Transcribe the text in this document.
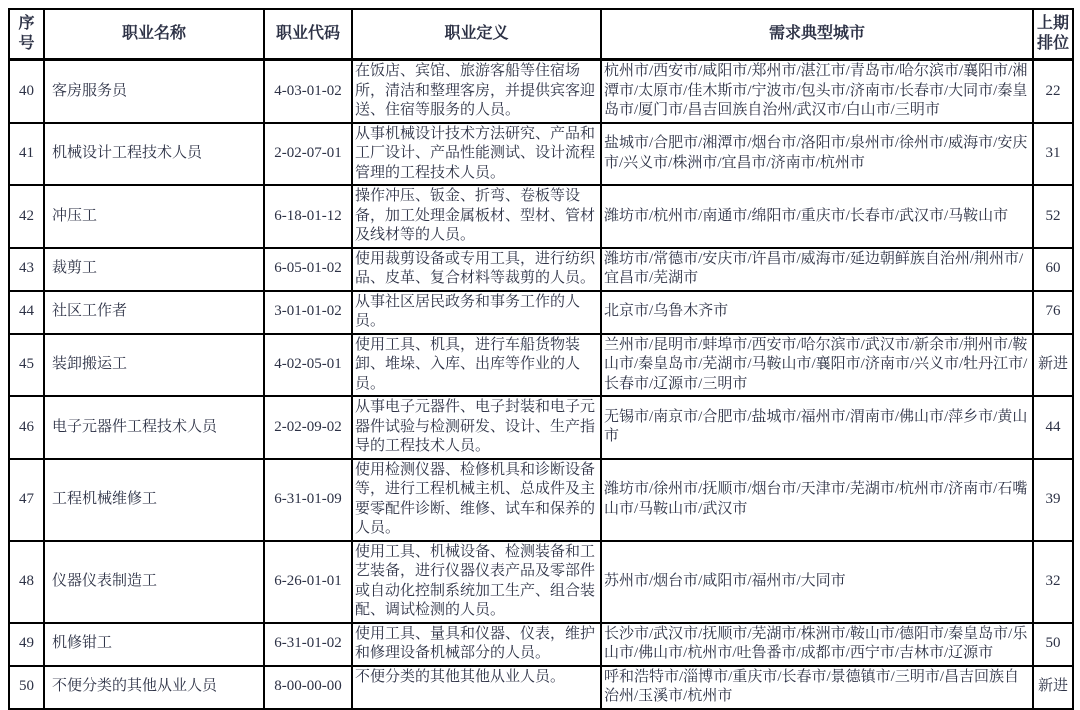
序号	职业名称	职业代码	职业定义	需求典型城市	上期排位
40	客房服务员	4-03-01-02	在饭店、宾馆、旅游客船等住宿场所，清洁和整理客房，并提供宾客迎送、住宿等服务的人员。	杭州市/西安市/咸阳市/郑州市/湛江市/青岛市/哈尔滨市/襄阳市/湘潭市/太原市/佳木斯市/宁波市/包头市/济南市/长春市/大同市/秦皇岛市/厦门市/昌吉回族自治州/武汉市/白山市/三明市	22
41	机械设计工程技术人员	2-02-07-01	从事机械设计技术方法研究、产品和工厂设计、产品性能测试、设计流程管理的工程技术人员。	盐城市/合肥市/湘潭市/烟台市/洛阳市/泉州市/徐州市/威海市/安庆市/兴义市/株洲市/宜昌市/济南市/杭州市	31
42	冲压工	6-18-01-12	操作冲压、钣金、折弯、卷板等设备，加工处理金属板材、型材、管材及线材等的人员。	潍坊市/杭州市/南通市/绵阳市/重庆市/长春市/武汉市/马鞍山市	52
43	裁剪工	6-05-01-02	使用裁剪设备或专用工具，进行纺织品、皮革、复合材料等裁剪的人员。	潍坊市/常德市/安庆市/许昌市/威海市/延边朝鲜族自治州/荆州市/宜昌市/芜湖市	60
44	社区工作者	3-01-01-02	从事社区居民政务和事务工作的人员。	北京市/乌鲁木齐市	76
45	装卸搬运工	4-02-05-01	使用工具、机具，进行车船货物装卸、堆垛、入库、出库等作业的人员。	兰州市/昆明市/蚌埠市/西安市/哈尔滨市/武汉市/新余市/荆州市/鞍山市/秦皇岛市/芜湖市/马鞍山市/襄阳市/济南市/兴义市/牡丹江市/长春市/辽源市/三明市	新进
46	电子元器件工程技术人员	2-02-09-02	从事电子元器件、电子封装和电子元器件试验与检测研发、设计、生产指导的工程技术人员。	无锡市/南京市/合肥市/盐城市/福州市/渭南市/佛山市/萍乡市/黄山市	44
47	工程机械维修工	6-31-01-09	使用检测仪器、检修机具和诊断设备等，进行工程机械主机、总成件及主要零配件诊断、维修、试车和保养的人员。	潍坊市/徐州市/抚顺市/烟台市/天津市/芜湖市/杭州市/济南市/石嘴山市/马鞍山市/武汉市	39
48	仪器仪表制造工	6-26-01-01	使用工具、机械设备、检测装备和工艺装备，进行仪器仪表产品及零部件或自动化控制系统加工生产、组合装配、调试检测的人员。	苏州市/烟台市/咸阳市/福州市/大同市	32
49	机修钳工	6-31-01-02	使用工具、量具和仪器、仪表，维护和修理设备机械部分的人员。	长沙市/武汉市/抚顺市/芜湖市/株洲市/鞍山市/德阳市/秦皇岛市/乐山市/佛山市/杭州市/吐鲁番市/成都市/西宁市/吉林市/辽源市	50
50	不便分类的其他从业人员	8-00-00-00	不便分类的其他其他从业人员。	呼和浩特市/淄博市/重庆市/长春市/景德镇市/三明市/昌吉回族自治州/玉溪市/杭州市	新进
